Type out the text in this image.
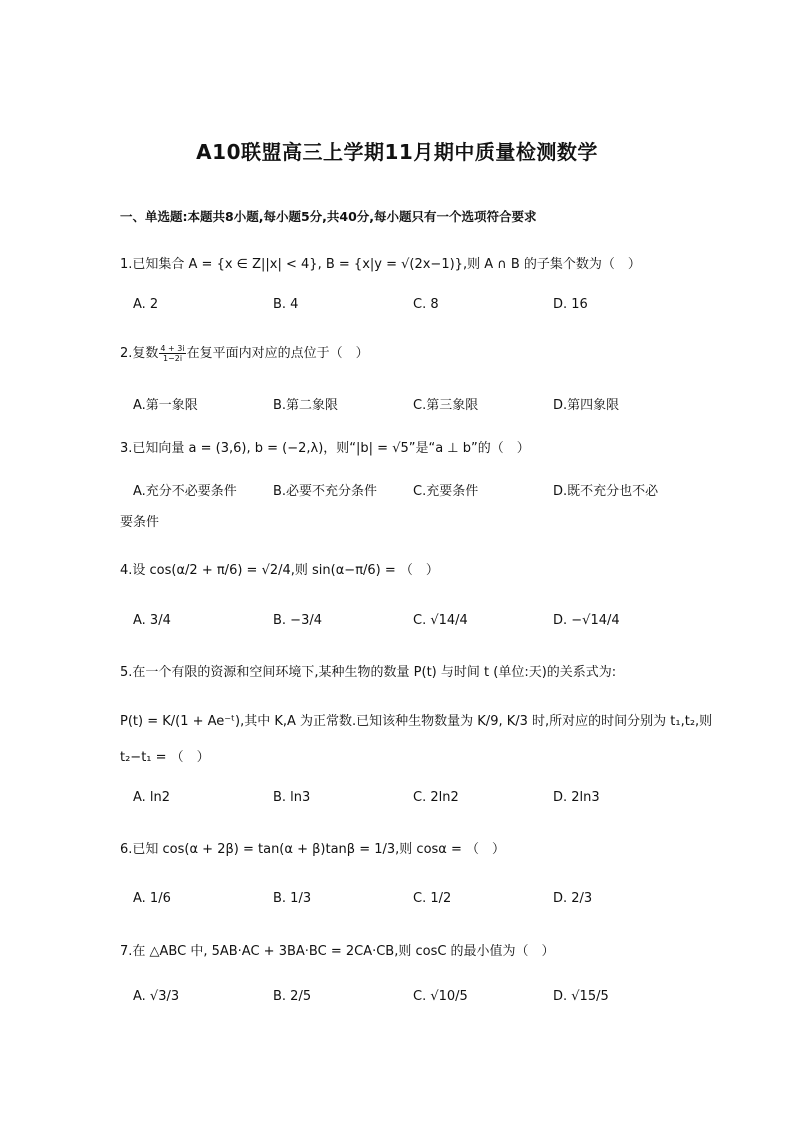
A10联盟高三上学期11月期中质量检测数学
一、单选题:本题共8小题,每小题5分,共40分,每小题只有一个选项符合要求
1.已知集合 A = {x ∈ Z||x| < 4}, B = {x|y = √(2x−1)},则 A ∩ B 的子集个数为（　）
A. 2	B. 4	C. 8	D. 16
2.复数 $\frac{4 + 3i}{1-2i}$ 在复平面内对应的点位于（　）
A.第一象限	B.第二象限	C.第三象限	D.第四象限
3.已知向量 a = (3,6), b = (−2,λ)，则“|b| = √5”是“a ⊥ b”的（　）
A.充分不必要条件	B.必要不充分条件	C.充要条件	D.既不充分也不必
要条件
4.设 cos(α/2 + π/6) = √2/4,则 sin(α−π/6) = （　）
A. 3/4	B. −3/4	C. √14/4	D. −√14/4
5.在一个有限的资源和空间环境下,某种生物的数量 P(t) 与时间 t (单位:天)的关系式为:
P(t) = K/(1 + Ae⁻ᵗ),其中 K,A 为正常数.已知该种生物数量为 K/9, K/3 时,所对应的时间分别为 t₁,t₂,则
t₂−t₁ = （　）
A. ln2	B. ln3	C. 2ln2	D. 2ln3
6.已知 cos(α + 2β) = tan(α + β)tanβ = 1/3,则 cosα = （　）
A. 1/6	B. 1/3	C. 1/2	D. 2/3
7.在 △ABC 中, 5AB·AC + 3BA·BC = 2CA·CB,则 cosC 的最小值为（　）
A. √3/3	B. 2/5	C. √10/5	D. √15/5
